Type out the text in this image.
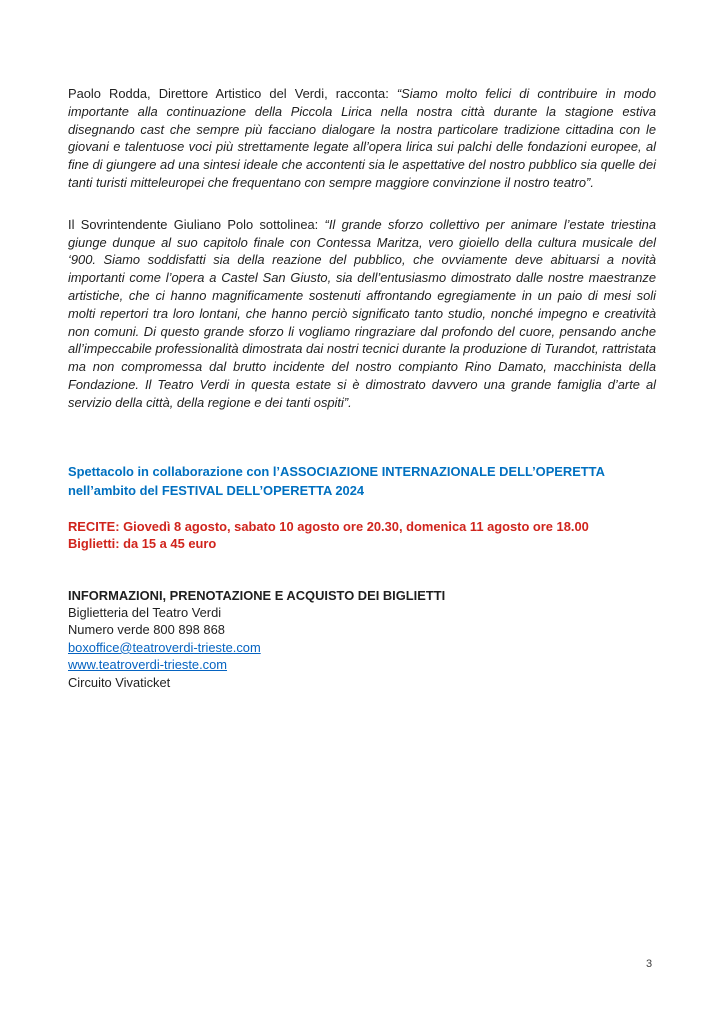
Paolo Rodda, Direttore Artistico del Verdi, racconta: “Siamo molto felici di contribuire in modo importante alla continuazione della Piccola Lirica nella nostra città durante la stagione estiva disegnando cast che sempre più facciano dialogare la nostra particolare tradizione cittadina con le giovani e talentuose voci più strettamente legate all’opera lirica sui palchi delle fondazioni europee, al fine di giungere ad una sintesi ideale che accontenti sia le aspettative del nostro pubblico sia quelle dei tanti turisti mitteleuropei che frequentano con sempre maggiore convinzione il nostro teatro”.

Il Sovrintendente Giuliano Polo sottolinea: “Il grande sforzo collettivo per animare l’estate triestina giunge dunque al suo capitolo finale con Contessa Maritza, vero gioiello della cultura musicale del ‘900. Siamo soddisfatti sia della reazione del pubblico, che ovviamente deve abituarsi a novità importanti come l’opera a Castel San Giusto, sia dell’entusiasmo dimostrato dalle nostre maestranze artistiche, che ci hanno magnificamente sostenuti affrontando egregiamente in un paio di mesi soli molti repertori tra loro lontani, che hanno perciò significato tanto studio, nonché impegno e creatività non comuni. Di questo grande sforzo li vogliamo ringraziare dal profondo del cuore, pensando anche all’impeccabile professionalità dimostrata dai nostri tecnici durante la produzione di Turandot, rattristata ma non compromessa dal brutto incidente del nostro compianto Rino Damato, macchinista della Fondazione. Il Teatro Verdi in questa estate si è dimostrato davvero una grande famiglia d’arte al servizio della città, della regione e dei tanti ospiti”.

Spettacolo in collaborazione con l’ASSOCIAZIONE INTERNAZIONALE DELL’OPERETTA nell’ambito del FESTIVAL DELL’OPERETTA 2024

RECITE: Giovedì 8 agosto, sabato 10 agosto ore 20.30, domenica 11 agosto ore 18.00
Biglietti: da 15 a 45 euro

INFORMAZIONI, PRENOTAZIONE E ACQUISTO DEI BIGLIETTI

Biglietteria del Teatro Verdi

Numero verde 800 898 868

boxoffice@teatroverdi-trieste.com

www.teatroverdi-trieste.com

Circuito Vivaticket

3
